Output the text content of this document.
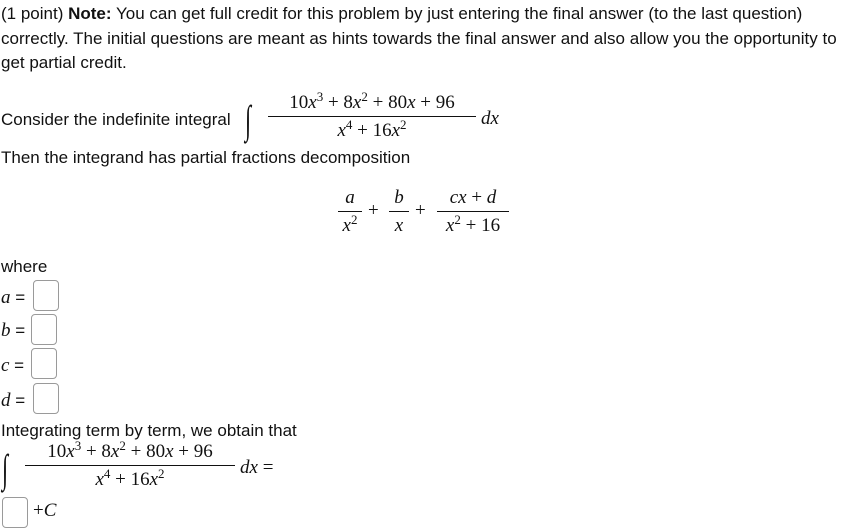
(1 point) Note: You can get full credit for this problem by just entering the final answer (to the last question) correctly. The initial questions are meant as hints towards the final answer and also allow you the opportunity to get partial credit.
Consider the indefinite integral ∫	$10x^3 + 8x^2 + 80x + 96$
$x^4 + 16x^2$	dx
Then the integrand has partial fractions decomposition
a
$x^2$ +
b
x
+
cx + d
$x^2 + 16$
where
a =
b =
c =
d =
Integrating term by term, we obtain that
∫	$10x^3 + 8x^2 + 80x + 96$
$x^4 + 16x^2$	dx =
+C
